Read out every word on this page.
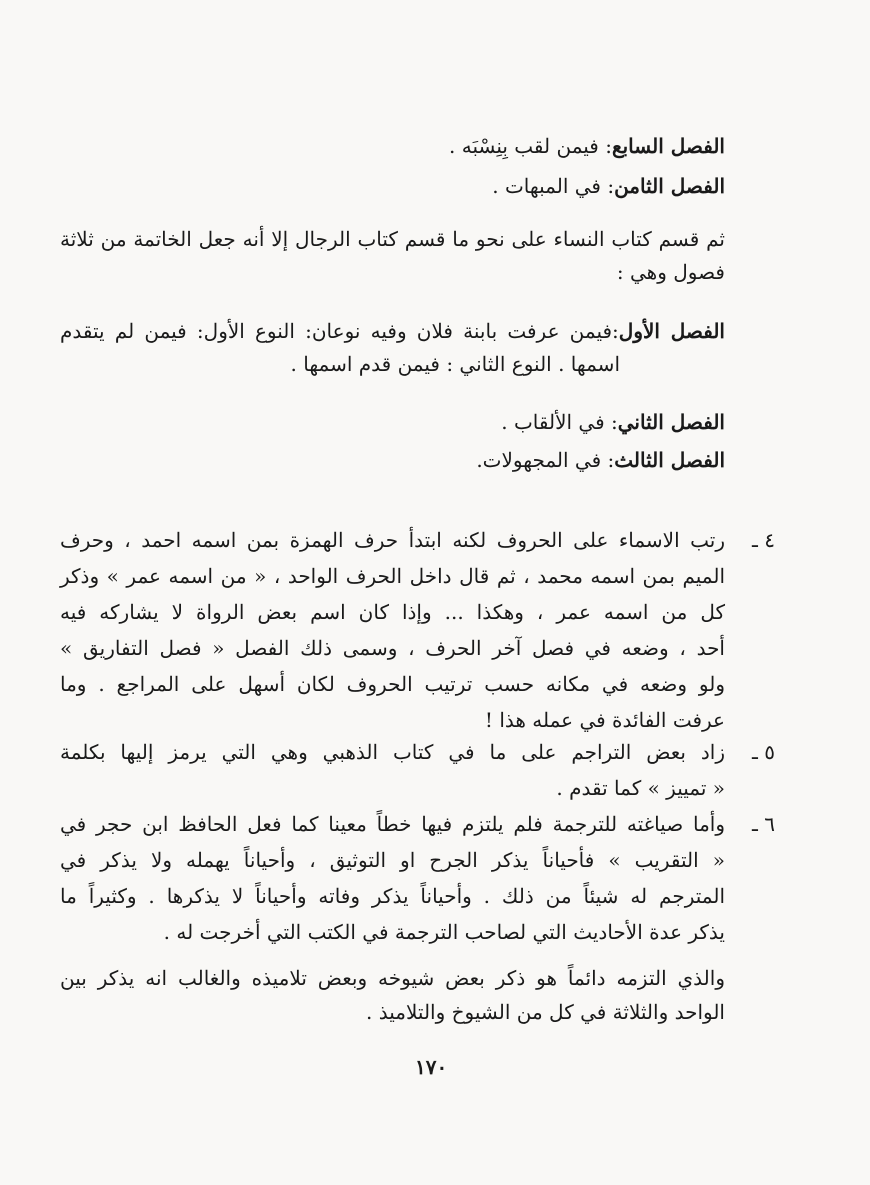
الفصل السابع: فيمن لقب بِنِسْبَه .
الفصل الثامن: في المبهات .
ثم قسم كتاب النساء على نحو ما قسم كتاب الرجال إلا أنه جعل الخاتمة من ثلاثة
فصول وهي :
الفصل الأول:فيمن عرفت بابنة فلان وفيه نوعان: النوع الأول: فيمن لم يتقدم
اسمها . النوع الثاني : فيمن قدم اسمها .
الفصل الثاني: في الألقاب .
الفصل الثالث: في المجهولات.
٤ ـ
رتب الاسماء على الحروف لكنه ابتدأ حرف الهمزة بمن اسمه احمد ، وحرف
الميم بمن اسمه محمد ، ثم قال داخل الحرف الواحد ، « من اسمه عمر » وذكر
كل من اسمه عمر ، وهكذا ... وإذا كان اسم بعض الرواة لا يشاركه فيه
أحد ، وضعه في فصل آخر الحرف ، وسمى ذلك الفصل « فصل التفاريق »
ولو وضعه في مكانه حسب ترتيب الحروف لكان أسهل على المراجع . وما
عرفت الفائدة في عمله هذا !
٥ ـ
زاد بعض التراجم على ما في كتاب الذهبي وهي التي يرمز إليها بكلمة
« تمييز » كما تقدم .
٦ ـ
وأما صياغته للترجمة فلم يلتزم فيها خطاً معينا كما فعل الحافظ ابن حجر في
« التقريب » فأحياناً يذكر الجرح او التوثيق ، وأحياناً يهمله ولا يذكر في
المترجم له شيئاً من ذلك . وأحياناً يذكر وفاته وأحياناً لا يذكرها . وكثيراً ما
يذكر عدة الأحاديث التي لصاحب الترجمة في الكتب التي أخرجت له .
والذي التزمه دائماً هو ذكر بعض شيوخه وبعض تلاميذه والغالب انه يذكر بين
الواحد والثلاثة في كل من الشيوخ والتلاميذ .
١٧٠
